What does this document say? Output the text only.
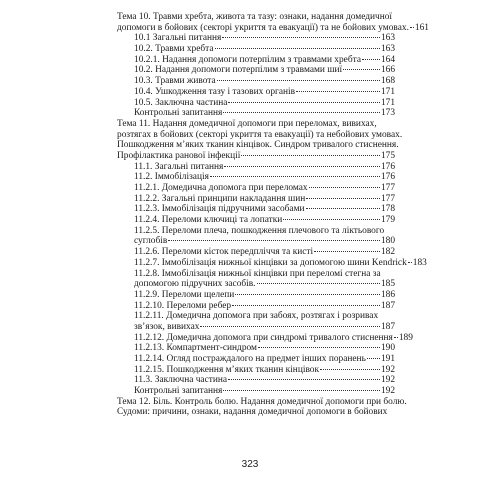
Тема 10. Травми хребта, живота та тазу: ознаки, надання домедичної
допомоги в бойових (секторі укриття та евакуації) та не бойових умовах. 161
10.1 Загальні питання	163
10.2. Травми хребта	163
10.2.1. Надання допомоги потерпілим з травмами хребта 164
10.2. Надання допомоги потерпілим з травмами шиї	166
10.3. Травми живота	168
10.4. Ушкодження тазу і тазових органів	171
10.5. Заключна частина	171
Контрольні запитання	173
Тема 11. Надання домедичної допомоги при переломах, вивихах,
розтягах в бойових (секторі укриття та евакуації) та небойових умовах.
Пошкодження м’яких тканин кінцівок. Синдром тривалого стиснення.
Профілактика ранової інфекції	175
11.1. Загальні питання	176
11.2. Іммобілізація	176
11.2.1. Домедична допомога при переломах	177
11.2.2. Загальні принципи накладання шин	177
11.2.3. Іммобілізація підручними засобами	178
11.2.4. Переломи ключиці та лопатки	179
11.2.5. Переломи плеча, пошкодження плечового та ліктьового
суглобів	180
11.2.6. Переломи кісток передпліччя та кисті	182
11.2.7. Іммобілізація нижньої кінцівки за допомогою шини Kendrick 183
11.2.8. Іммобілізація нижньої кінцівки при переломі стегна за
допомогою підручних засобів.	185
11.2.9. Переломи щелепи	186
11.2.10. Переломи ребер	187
11.2.11. Домедична допомога при забоях, розтягах і розривах
зв’язок, вивихах	187
11.2.12. Домедична допомога при синдромі тривалого стиснення 189
11.2.13. Компартмент-синдром	190
11.2.14. Огляд постраждалого на предмет інших поранень 191
11.2.15. Пошкодження м’яких тканин кінцівок	192
11.3. Заключна частина	192
Контрольні запитання	192
Тема 12. Біль. Контроль болю. Надання домедичної допомоги при болю.
Судоми: причини, ознаки, надання домедичної допомоги в бойових
323
